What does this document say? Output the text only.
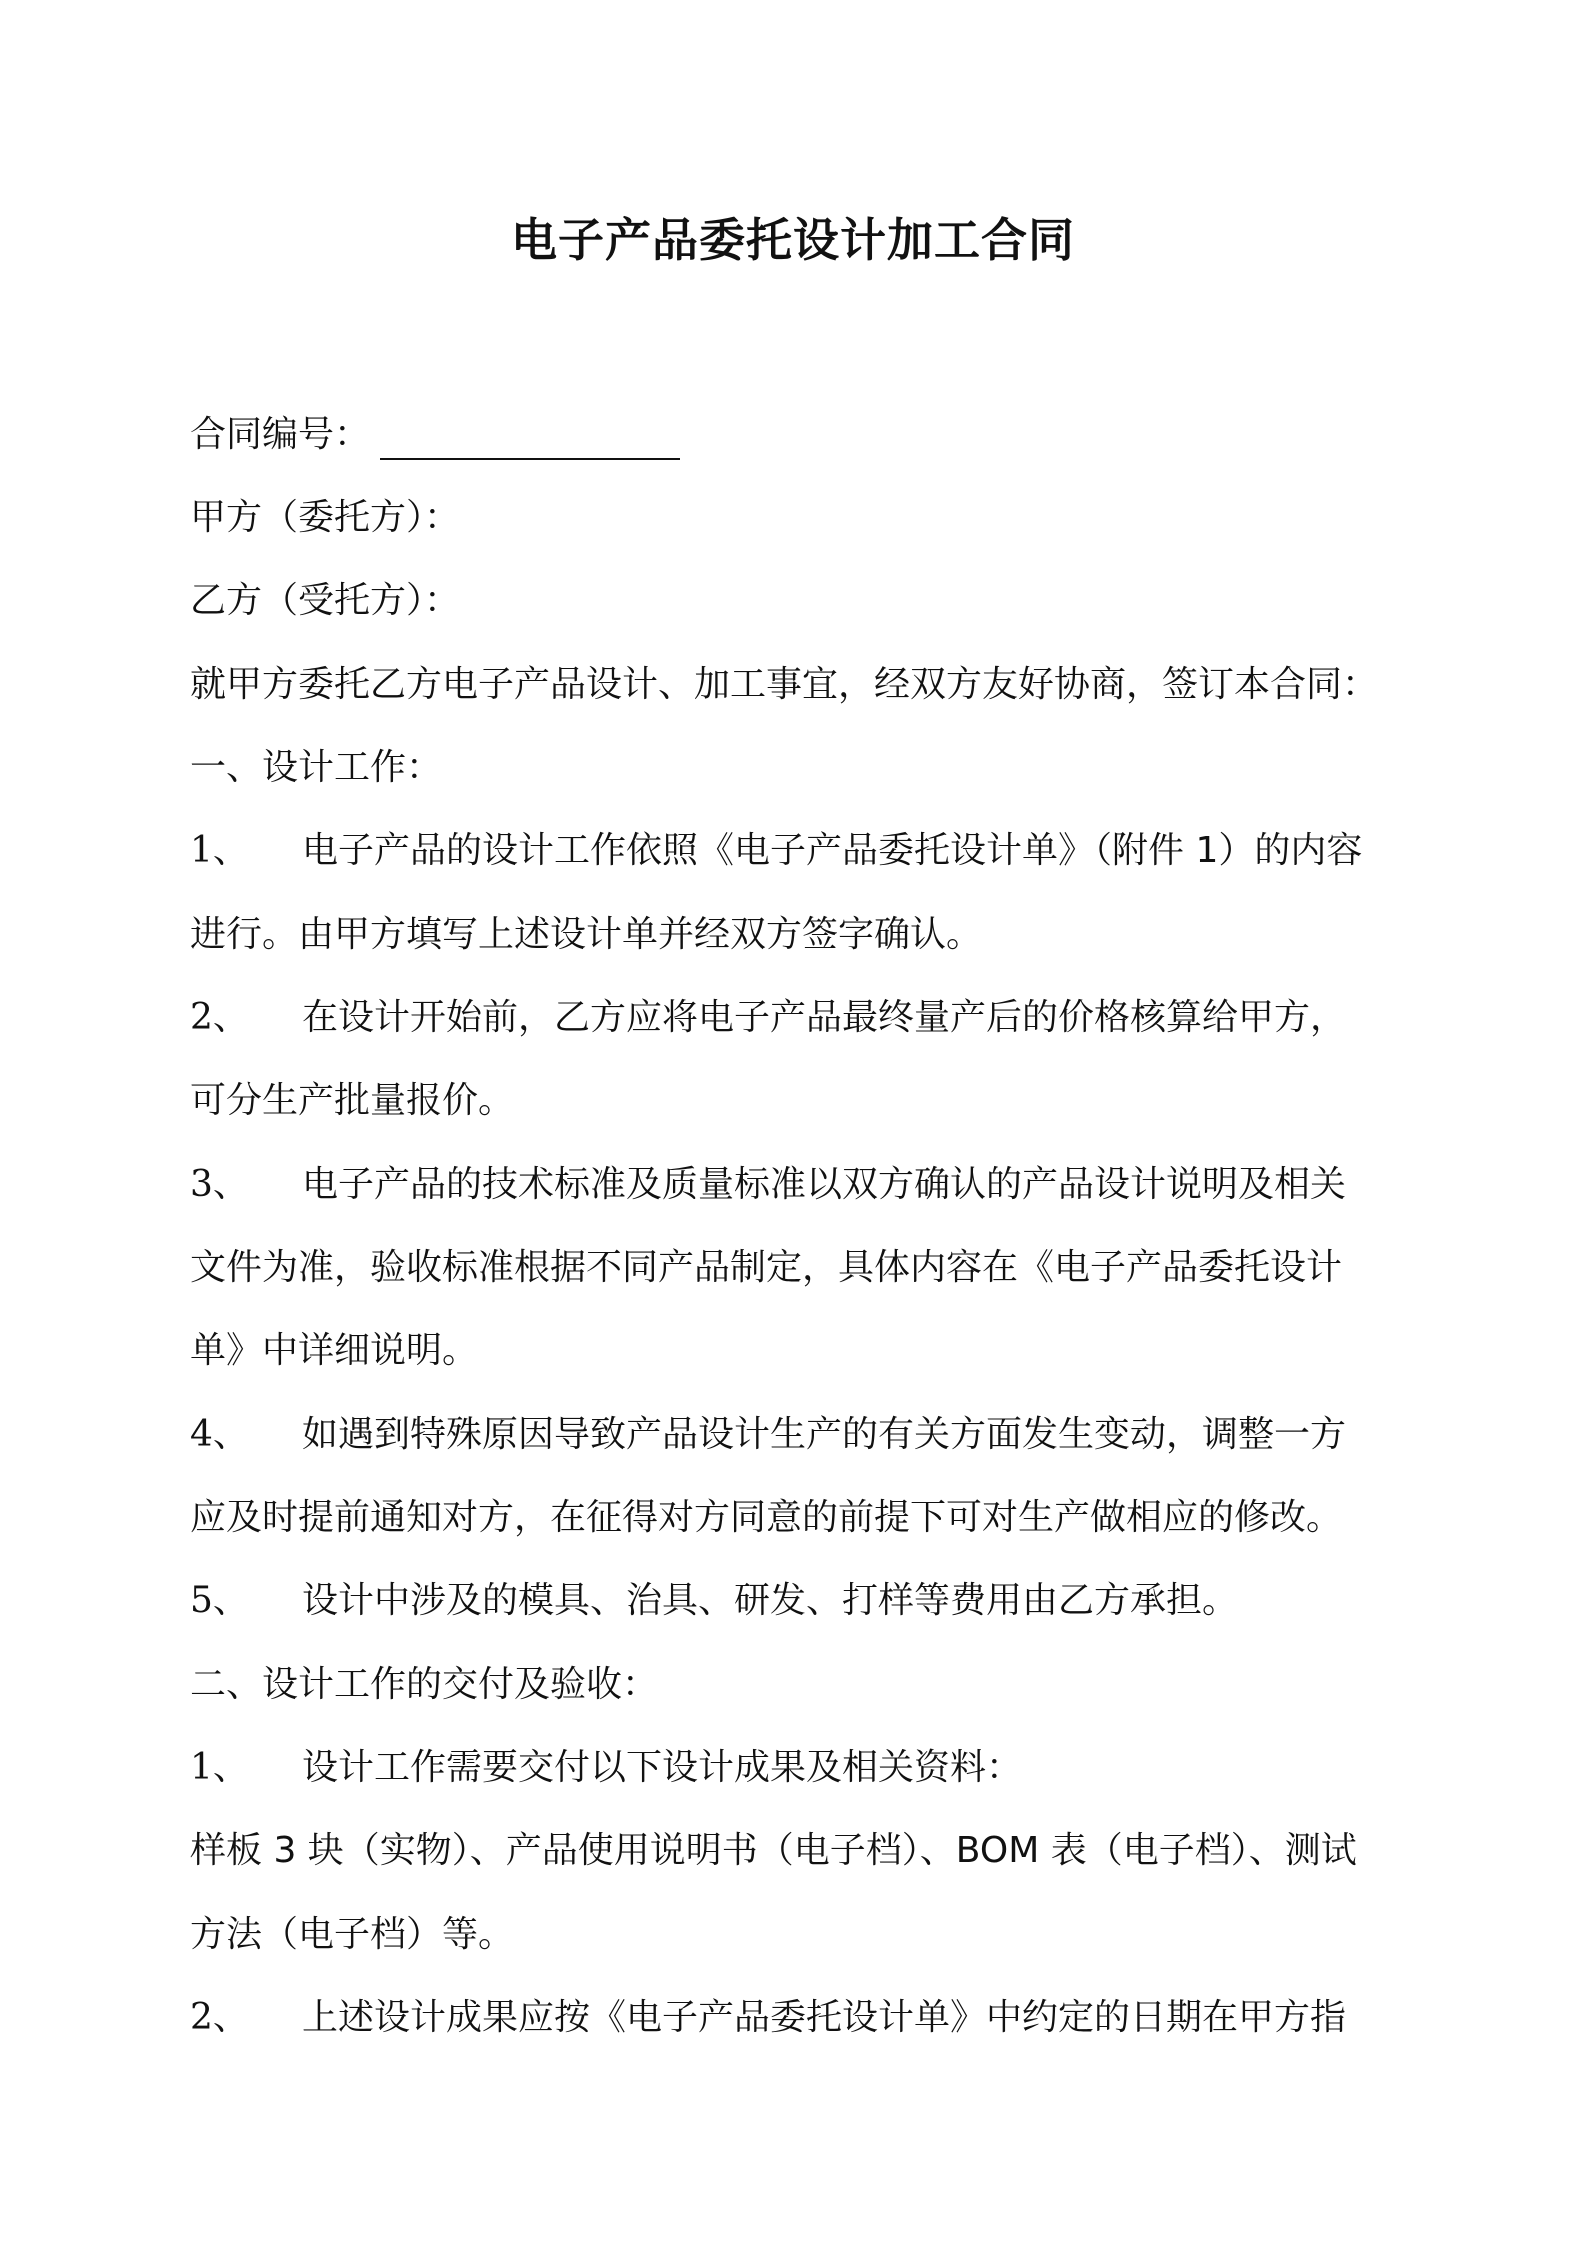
电子产品委托设计加工合同
合同编号：
甲方（委托方）：
乙方（受托方）：
就甲方委托乙方电子产品设计、加工事宜，经双方友好协商，签订本合同：
一、设计工作：
1、 电子产品的设计工作依照《电子产品委托设计单》（附件 1）的内容
进行。由甲方填写上述设计单并经双方签字确认。
2、 在设计开始前，乙方应将电子产品最终量产后的价格核算给甲方，
可分生产批量报价。
3、 电子产品的技术标准及质量标准以双方确认的产品设计说明及相关
文件为准，验收标准根据不同产品制定，具体内容在《电子产品委托设计
单》中详细说明。
4、 如遇到特殊原因导致产品设计生产的有关方面发生变动，调整一方
应及时提前通知对方，在征得对方同意的前提下可对生产做相应的修改。
5、 设计中涉及的模具、治具、研发、打样等费用由乙方承担。
二、设计工作的交付及验收：
1、 设计工作需要交付以下设计成果及相关资料：
样板 3 块（实物）、产品使用说明书（电子档）、BOM 表（电子档）、测试
方法（电子档）等。
2、 上述设计成果应按《电子产品委托设计单》中约定的日期在甲方指
